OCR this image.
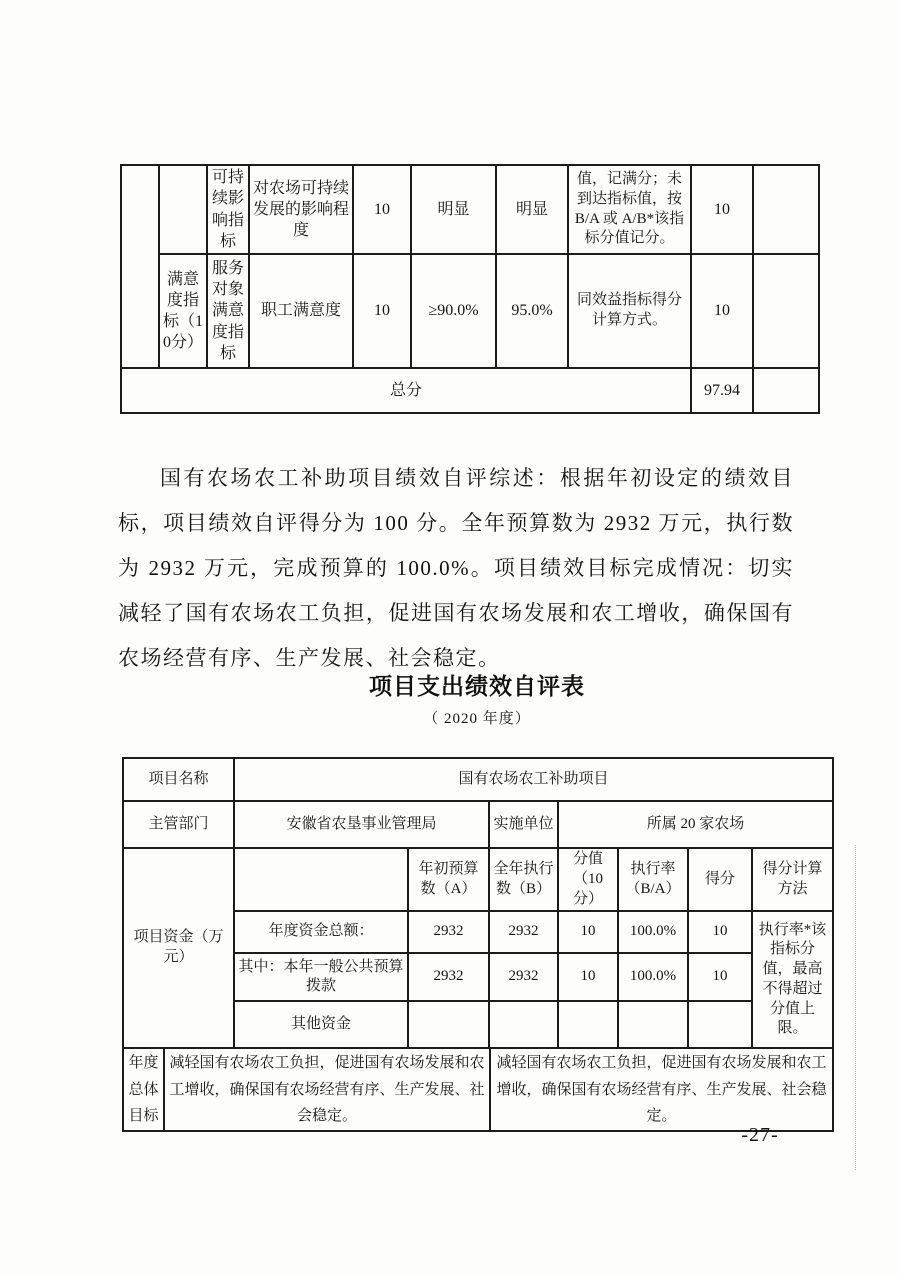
		可持续影响指标	对农场可持续发展的影响程度	10	明显	明显	值，记满分；未到达指标值，按 B/A 或 A/B*该指标分值记分。	10	
	满意度指标（10分）	服务对象满意度指标	职工满意度	10	≥90.0%	95.0%	同效益指标得分计算方式。	10	
总分								97.94	
国有农场农工补助项目绩效自评综述：根据年初设定的绩效目标，项目绩效自评得分为 100 分。全年预算数为 2932 万元，执行数为 2932 万元，完成预算的 100.0%。项目绩效目标完成情况：切实减轻了国有农场农工负担，促进国有农场发展和农工增收，确保国有农场经营有序、生产发展、社会稳定。
项目支出绩效自评表
（ 2020 年度）
项目名称	国有农场农工补助项目						
主管部门	安徽省农垦事业管理局		实施单位	所属 20 家农场			
项目资金（万元）		年初预算数（A）	全年执行数（B）	分值（10分）	执行率（B/A）	得分	得分计算方法
	年度资金总额：	2932	2932	10	100.0%	10	执行率*该指标分值，最高不得超过分值上限。
	其中：本年一般公共预算拨款	2932	2932	10	100.0%	10	
	其他资金						
年度总体目标	减轻国有农场农工负担，促进国有农场发展和农工增收，确保国有农场经营有序、生产发展、社会稳定。	减轻国有农场农工负担，促进国有农场发展和农工增收，确保国有农场经营有序、生产发展、社会稳定。
-27-
